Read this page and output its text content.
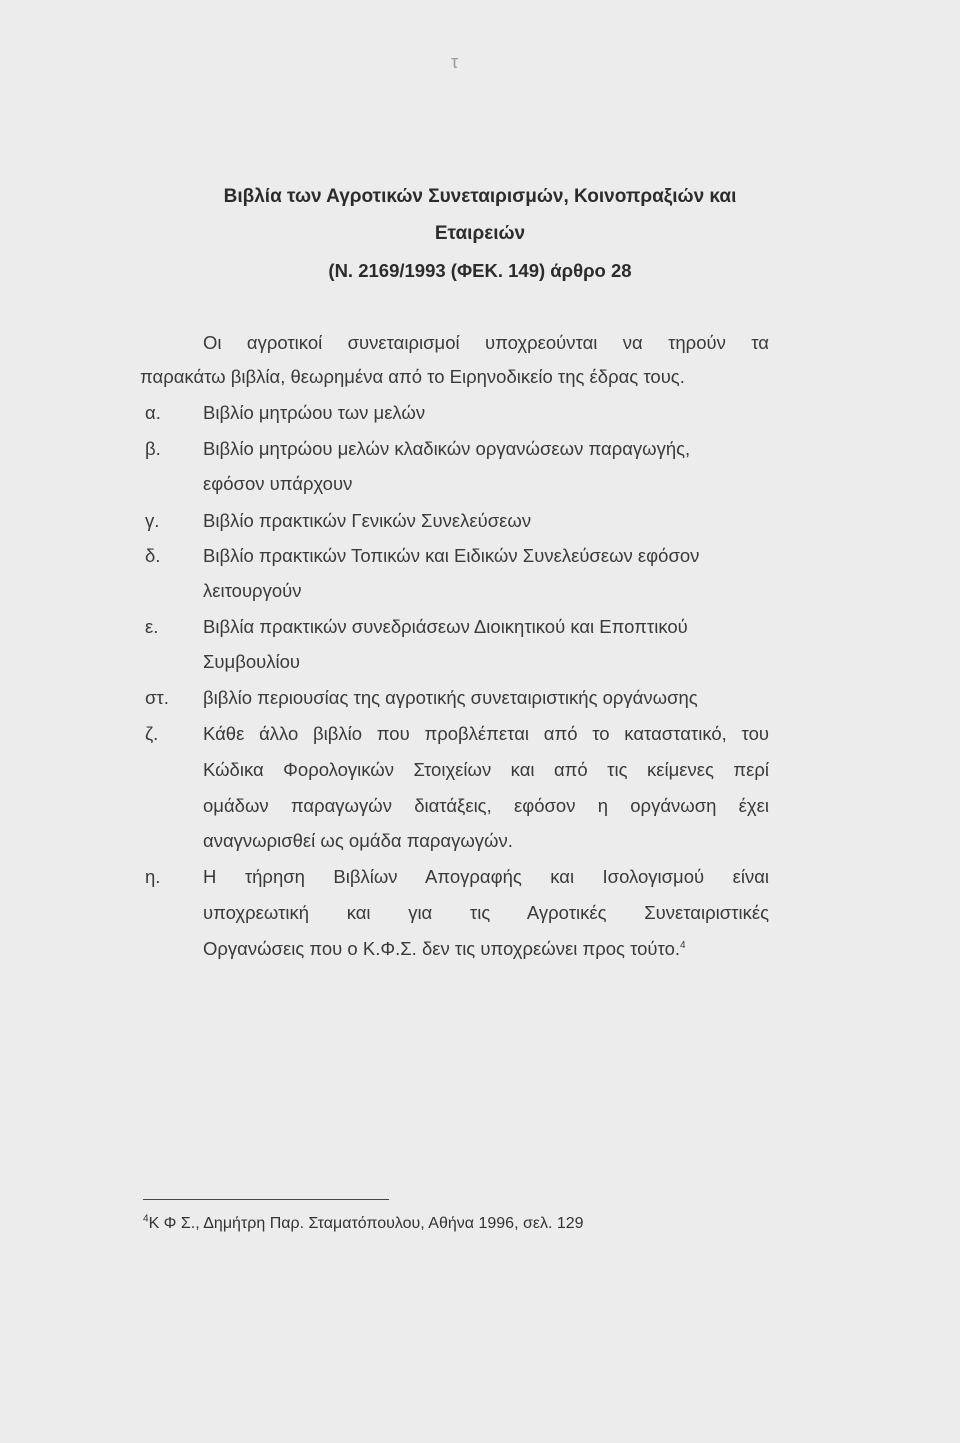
τ
Βιβλία των Αγροτικών Συνεταιρισμών, Κοινοπραξιών και
Εταιρειών
(Ν. 2169/1993 (ΦΕΚ. 149) άρθρο 28
Οι αγροτικοί συνεταιρισμοί υποχρεούνται να τηρούν τα
παρακάτω βιβλία, θεωρημένα από το Ειρηνοδικείο της έδρας τους.
α. Βιβλίο μητρώου των μελών
β. Βιβλίο μητρώου μελών κλαδικών οργανώσεων παραγωγής,
εφόσον υπάρχουν
γ. Βιβλίο πρακτικών Γενικών Συνελεύσεων
δ. Βιβλίο πρακτικών Τοπικών και Ειδικών Συνελεύσεων εφόσον
λειτουργούν
ε. Βιβλία πρακτικών συνεδριάσεων Διοικητικού και Εποπτικού
Συμβουλίου
στ. βιβλίο περιουσίας της αγροτικής συνεταιριστικής οργάνωσης
ζ. Κάθε άλλο βιβλίο που προβλέπεται από το καταστατικό, του
Κώδικα Φορολογικών Στοιχείων και από τις κείμενες περί
ομάδων παραγωγών διατάξεις, εφόσον η οργάνωση έχει
αναγνωρισθεί ως ομάδα παραγωγών.
η. Η τήρηση Βιβλίων Απογραφής και Ισολογισμού είναι
υποχρεωτική και για τις Αγροτικές Συνεταιριστικές
Οργανώσεις που ο Κ.Φ.Σ. δεν τις υποχρεώνει προς τούτο.$^4$
$^4$Κ Φ Σ., Δημήτρη Παρ. Σταματόπουλου, Αθήνα 1996, σελ. 129
